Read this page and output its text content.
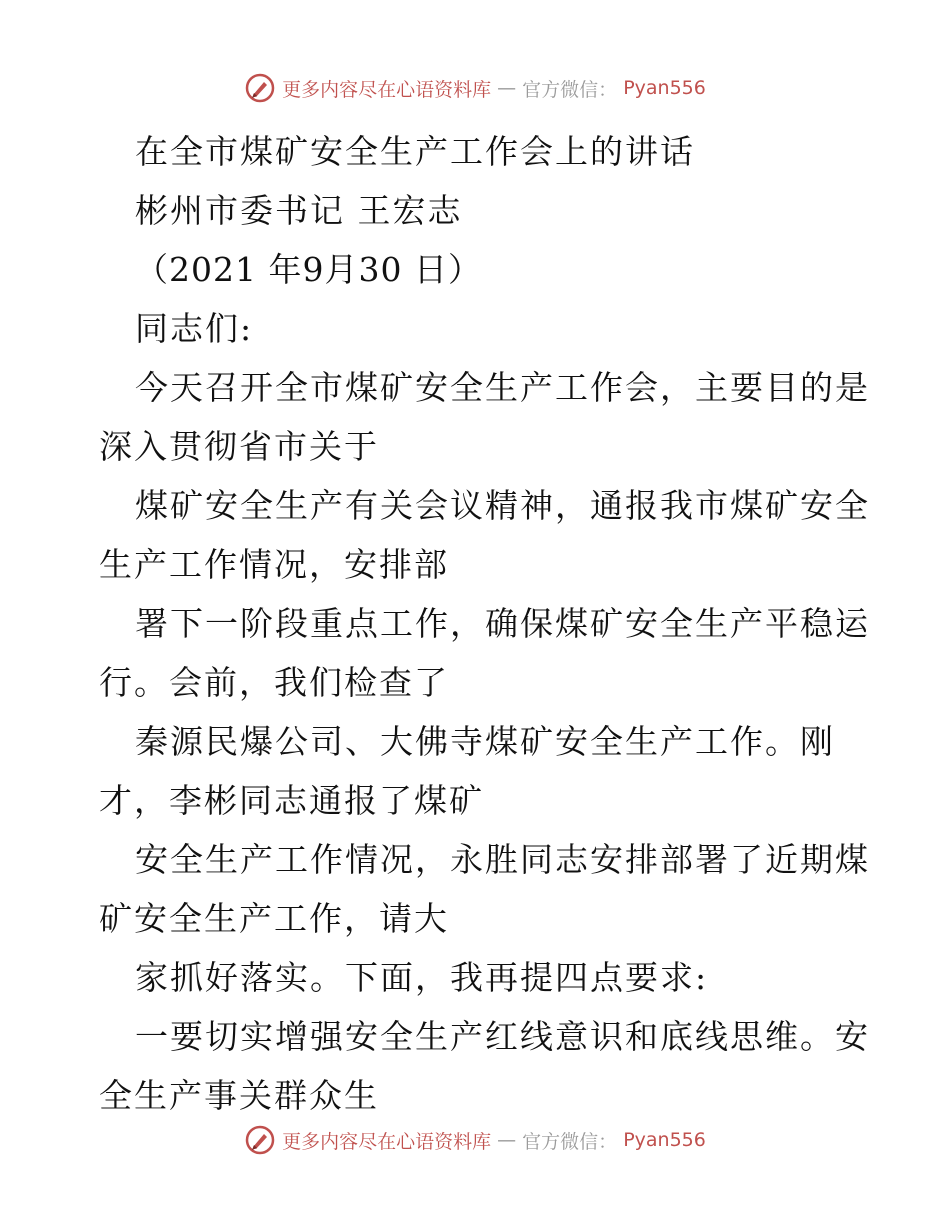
更多内容尽在心语资料库 — 官方微信： Pyan556
在全市煤矿安全生产工作会上的讲话
彬州市委书记 王宏志
（2021 年9月30 日）
同志们:
今天召开全市煤矿安全生产工作会，主要目的是
深入贯彻省市关于
煤矿安全生产有关会议精神，通报我市煤矿安全
生产工作情况，安排部
署下一阶段重点工作，确保煤矿安全生产平稳运
行。会前，我们检查了
秦源民爆公司、大佛寺煤矿安全生产工作。刚
才，李彬同志通报了煤矿
安全生产工作情况，永胜同志安排部署了近期煤
矿安全生产工作，请大
家抓好落实。下面，我再提四点要求:
一要切实增强安全生产红线意识和底线思维。安
全生产事关群众生
更多内容尽在心语资料库 — 官方微信： Pyan556
